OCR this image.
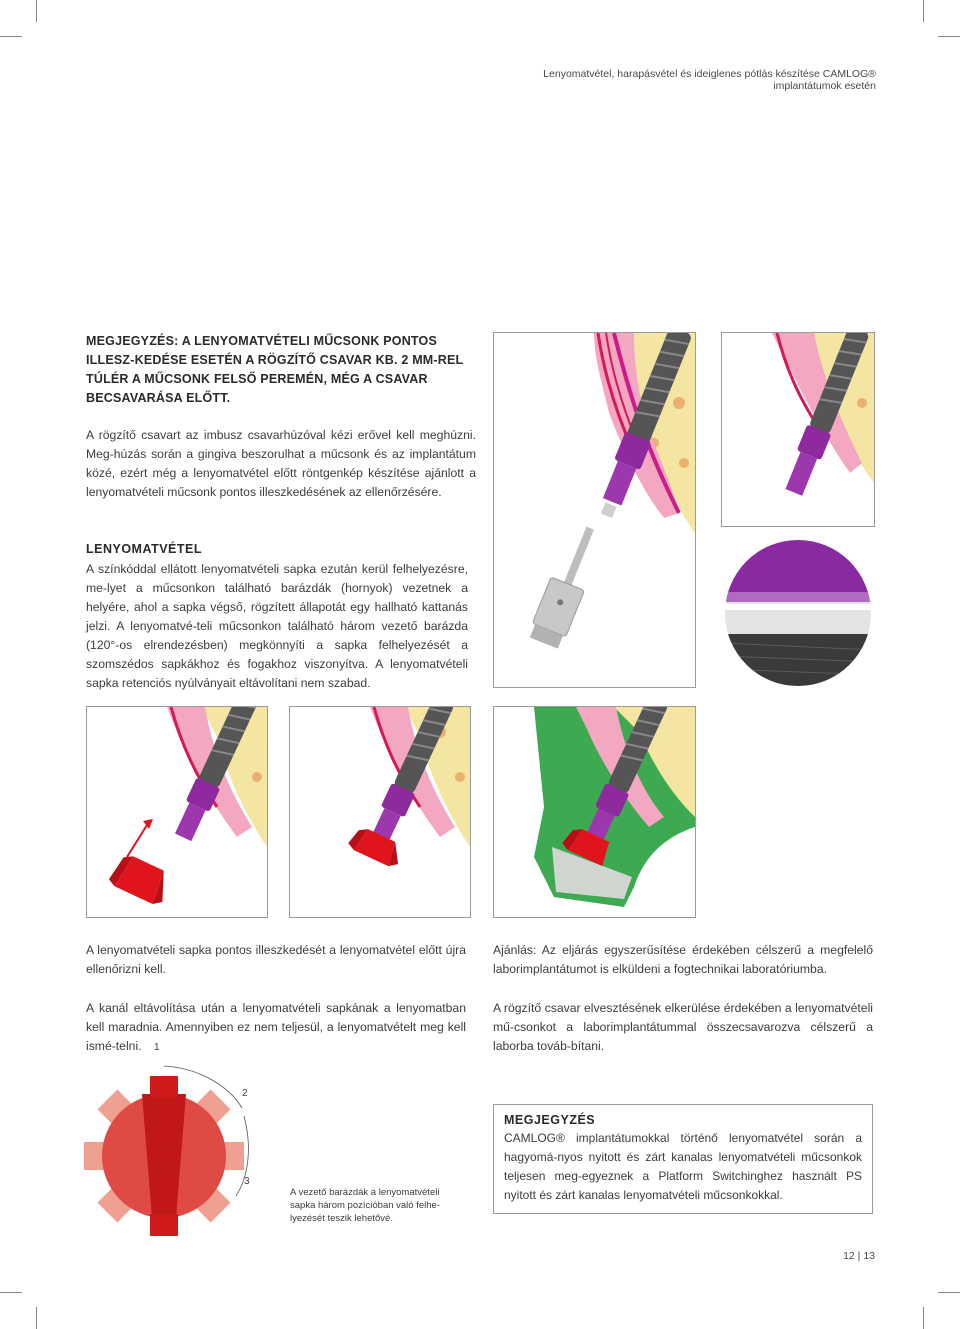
Lenyomatvétel, harapásvétel és ideiglenes pótlás készítése CAMLOG® implantátumok esetén
MEGJEGYZÉS: A LENYOMATVÉTELI MŰCSONK PONTOS ILLESZ-KEDÉSE ESETÉN A RÖGZÍTŐ CSAVAR KB. 2 MM-REL TÚLÉR A MŰCSONK FELSŐ PEREMÉN, MÉG A CSAVAR BECSAVARÁSA ELŐTT.
A rögzítő csavart az imbusz csavarhúzóval kézi erővel kell meghúzni. Meg-húzás során a gingiva beszorulhat a műcsonk és az implantátum közé, ezért még a lenyomatvétel előtt röntgenkép készítése ajánlott a lenyomatvételi műcsonk pontos illeszkedésének az ellenőrzésére.
LENYOMATVÉTEL
A színkóddal ellátott lenyomatvételi sapka ezután kerül felhelyezésre, me-lyet a műcsonkon található barázdák (hornyok) vezetnek a helyére, ahol a sapka végső, rögzített állapotát egy hallható kattanás jelzi. A lenyomatvé-teli műcsonkon található három vezető barázda (120°-os elrendezésben) megkönnyíti a sapka felhelyezését a szomszédos sapkákhoz és fogakhoz viszonyítva. A lenyomatvételi sapka retenciós nyúlványait eltávolítani nem szabad.
A lenyomatvételi sapka pontos illeszkedését a lenyomatvétel előtt újra ellenőrizni kell.
A kanál eltávolítása után a lenyomatvételi sapkának a lenyomatban kell maradnia. Amennyiben ez nem teljesül, a lenyomatvételt meg kell ismé-telni.
Ajánlás: Az eljárás egyszerűsítése érdekében célszerű a megfelelő laborimplantátumot is elküldeni a fogtechnikai laboratóriumba.
A rögzítő csavar elvesztésének elkerülése érdekében a lenyomatvételi mű-csonkot a laborimplantátummal összecsavarozva célszerű a laborba továb-bítani.
1
2
3
A vezető barázdák a lenyomatvételi sapka három pozícióban való felhe-lyezését teszik lehetővé.
MEGJEGYZÉS
CAMLOG® implantátumokkal történő lenyomatvétel során a hagyomá-nyos nyitott és zárt kanalas lenyomatvételi műcsonkok teljesen meg-egyeznek a Platform Switchinghez használt PS nyitott és zárt kanalas lenyomatvételi műcsonkokkal.
12 | 13
